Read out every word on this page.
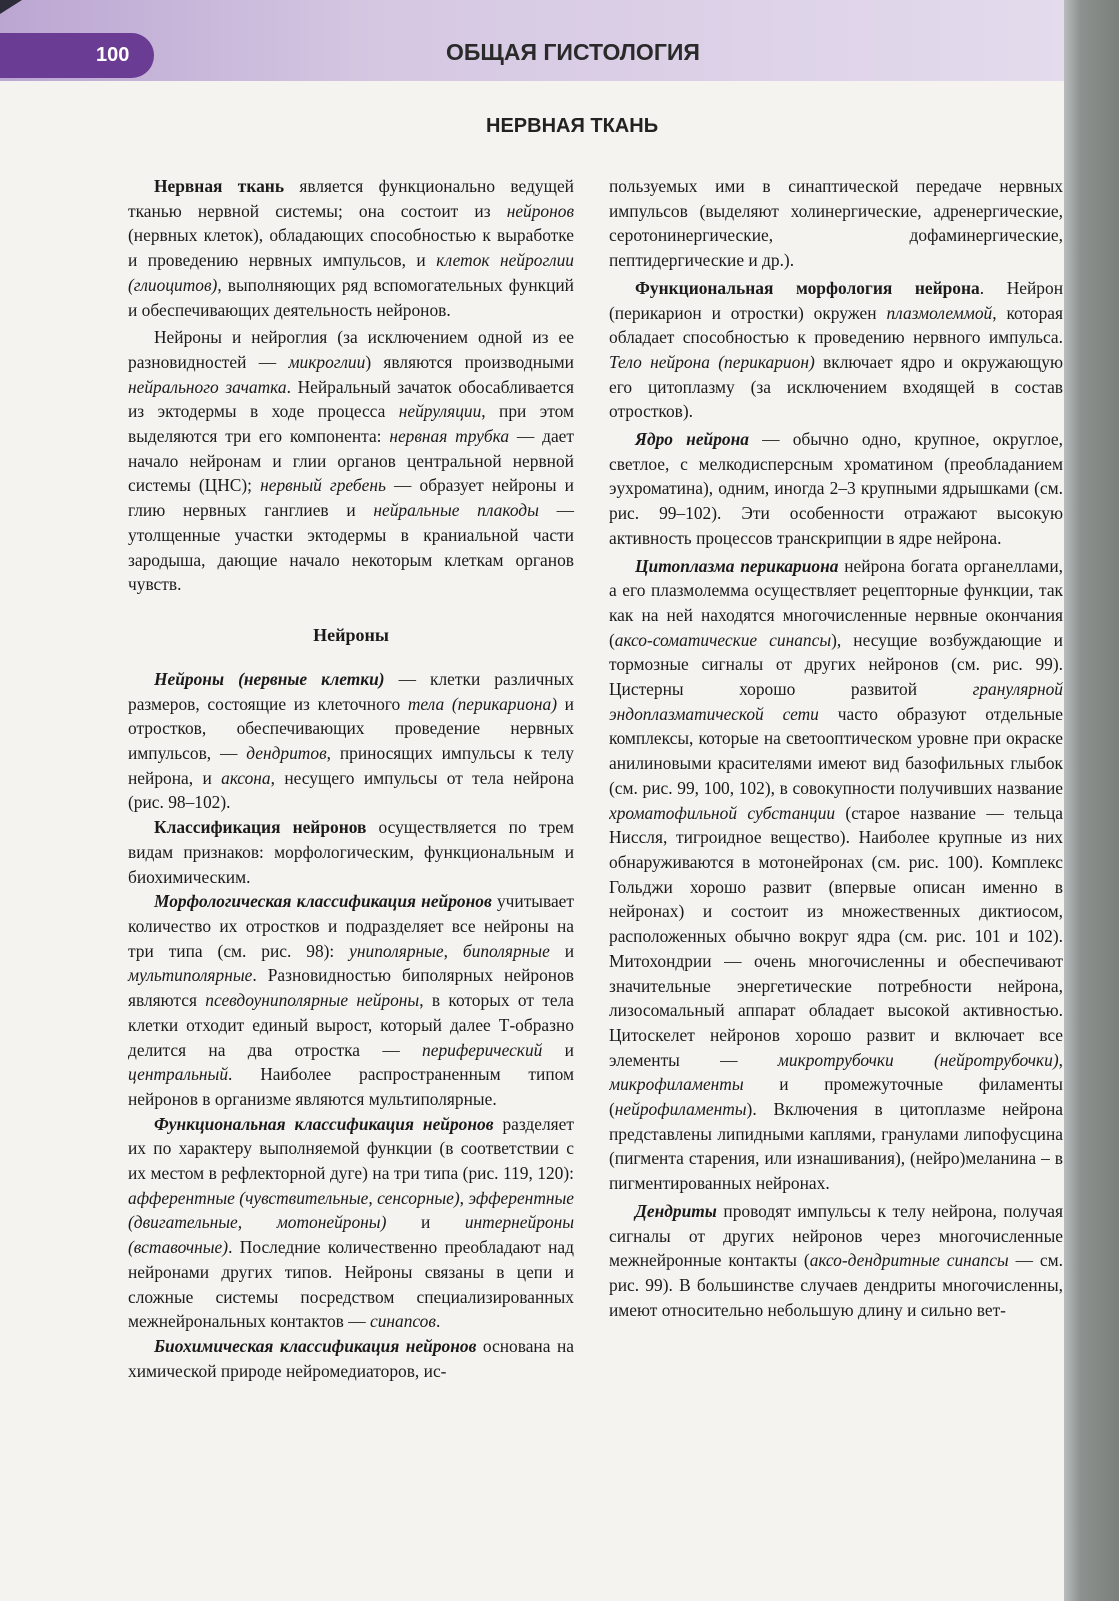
100	ОБЩАЯ ГИСТОЛОГИЯ
НЕРВНАЯ ТКАНЬ

Нервная ткань является функционально ведущей тканью нервной системы; она состоит из нейронов (нервных клеток), обладающих способностью к выработке и проведению нервных импульсов, и клеток нейроглии (глиоцитов), выполняющих ряд вспомогательных функций и обеспечивающих деятельность нейронов.

Нейроны и нейроглия (за исключением одной из ее разновидностей — микроглии) являются производными нейрального зачатка. Нейральный зачаток обосабливается из эктодермы в ходе процесса нейруляции, при этом выделяются три его компонента: нервная трубка — дает начало нейронам и глии органов центральной нервной системы (ЦНС); нервный гребень — образует нейроны и глию нервных ганглиев и нейральные плакоды — утолщенные участки эктодермы в краниальной части зародыша, дающие начало некоторым клеткам органов чувств.

Нейроны

Нейроны (нервные клетки) — клетки различных размеров, состоящие из клеточного тела (перикариона) и отростков, обеспечивающих проведение нервных импульсов, — дендритов, приносящих импульсы к телу нейрона, и аксона, несущего импульсы от тела нейрона (рис. 98–102).

Классификация нейронов осуществляется по трем видам признаков: морфологическим, функциональным и биохимическим.

Морфологическая классификация нейронов учитывает количество их отростков и подразделяет все нейроны на три типа (см. рис. 98): униполярные, биполярные и мультиполярные. Разновидностью биполярных нейронов являются псевдоуниполярные нейроны, в которых от тела клетки отходит единый вырост, который далее Т-образно делится на два отростка — периферический и центральный. Наиболее распространенным типом нейронов в организме являются мультиполярные.

Функциональная классификация нейронов разделяет их по характеру выполняемой функции (в соответствии с их местом в рефлекторной дуге) на три типа (рис. 119, 120): афферентные (чувствительные, сенсорные), эфферентные (двигательные, мотонейроны) и интернейроны (вставочные). Последние количественно преобладают над нейронами других типов. Нейроны связаны в цепи и сложные системы посредством специализированных межнейрональных контактов — синапсов.

Биохимическая классификация нейронов основана на химической природе нейромедиаторов, ис-

пользуемых ими в синаптической передаче нервных импульсов (выделяют холинергические, адренергические, серотонинергические, дофаминергические, пептидергические и др.).

Функциональная морфология нейрона. Нейрон (перикарион и отростки) окружен плазмолеммой, которая обладает способностью к проведению нервного импульса. Тело нейрона (перикарион) включает ядро и окружающую его цитоплазму (за исключением входящей в состав отростков).

Ядро нейрона — обычно одно, крупное, округлое, светлое, с мелкодисперсным хроматином (преобладанием эухроматина), одним, иногда 2–3 крупными ядрышками (см. рис. 99–102). Эти особенности отражают высокую активность процессов транскрипции в ядре нейрона.

Цитоплазма перикариона нейрона богата органеллами, а его плазмолемма осуществляет рецепторные функции, так как на ней находятся многочисленные нервные окончания (аксо-соматические синапсы), несущие возбуждающие и тормозные сигналы от других нейронов (см. рис. 99). Цистерны хорошо развитой гранулярной эндоплазматической сети часто образуют отдельные комплексы, которые на светооптическом уровне при окраске анилиновыми красителями имеют вид базофильных глыбок (см. рис. 99, 100, 102), в совокупности получивших название хроматофильной субстанции (старое название — тельца Ниссля, тигроидное вещество). Наиболее крупные из них обнаруживаются в мотонейронах (см. рис. 100). Комплекс Гольджи хорошо развит (впервые описан именно в нейронах) и состоит из множественных диктиосом, расположенных обычно вокруг ядра (см. рис. 101 и 102). Митохондрии — очень многочисленны и обеспечивают значительные энергетические потребности нейрона, лизосомальный аппарат обладает высокой активностью. Цитоскелет нейронов хорошо развит и включает все элементы — микротрубочки (нейротрубочки), микрофиламенты и промежуточные филаменты (нейрофиламенты). Включения в цитоплазме нейрона представлены липидными каплями, гранулами липофусцина (пигмента старения, или изнашивания), (нейро)меланина – в пигментированных нейронах.

Дендриты проводят импульсы к телу нейрона, получая сигналы от других нейронов через многочисленные межнейронные контакты (аксо-дендритные синапсы — см. рис. 99). В большинстве случаев дендриты многочисленны, имеют относительно небольшую длину и сильно вет-
